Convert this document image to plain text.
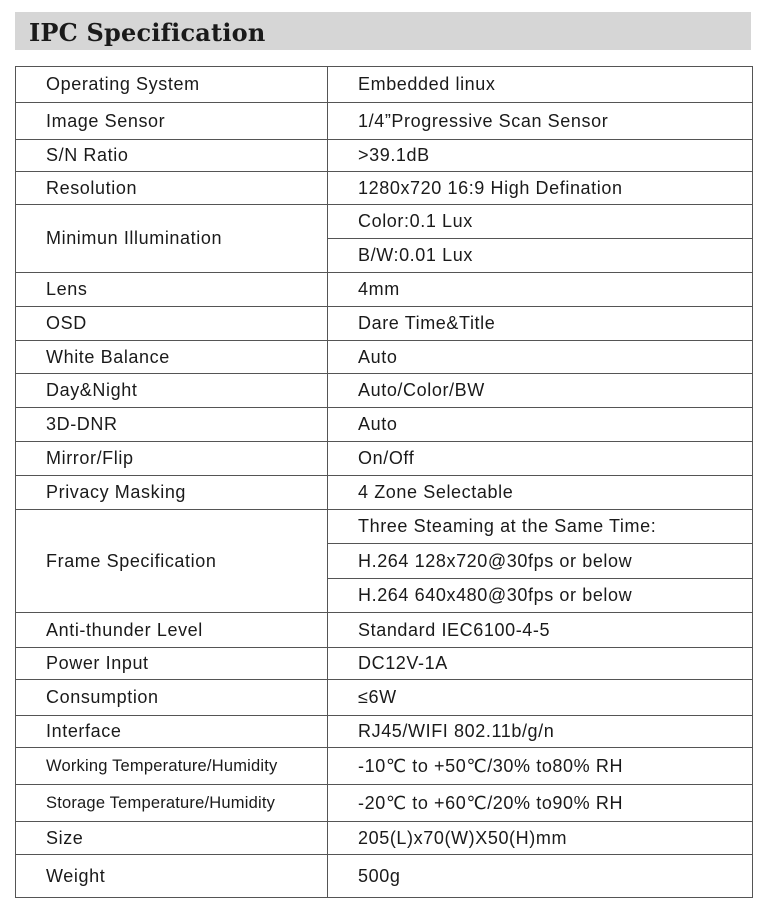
IPC Specification
Operating System	Embedded linux
Image Sensor	1/4”Progressive Scan Sensor
S/N Ratio	>39.1dB
Resolution	1280x720 16:9 High Defination
Minimun Illumination	Color:0.1 Lux
	B/W:0.01 Lux
Lens	4mm
OSD	Dare Time&Title
White Balance	Auto
Day&Night	Auto/Color/BW
3D-DNR	Auto
Mirror/Flip	On/Off
Privacy Masking	4 Zone Selectable
Frame Specification	Three Steaming at the Same Time:
	H.264 128x720@30fps or below
	H.264 640x480@30fps or below
Anti-thunder Level	Standard IEC6100-4-5
Power Input	DC12V-1A
Consumption	≤6W
Interface	RJ45/WIFI 802.11b/g/n
Working Temperature/Humidity	-10℃ to +50℃/30% to80% RH
Storage Temperature/Humidity	-20℃ to +60℃/20% to90% RH
Size	205(L)x70(W)X50(H)mm
Weight	500g
